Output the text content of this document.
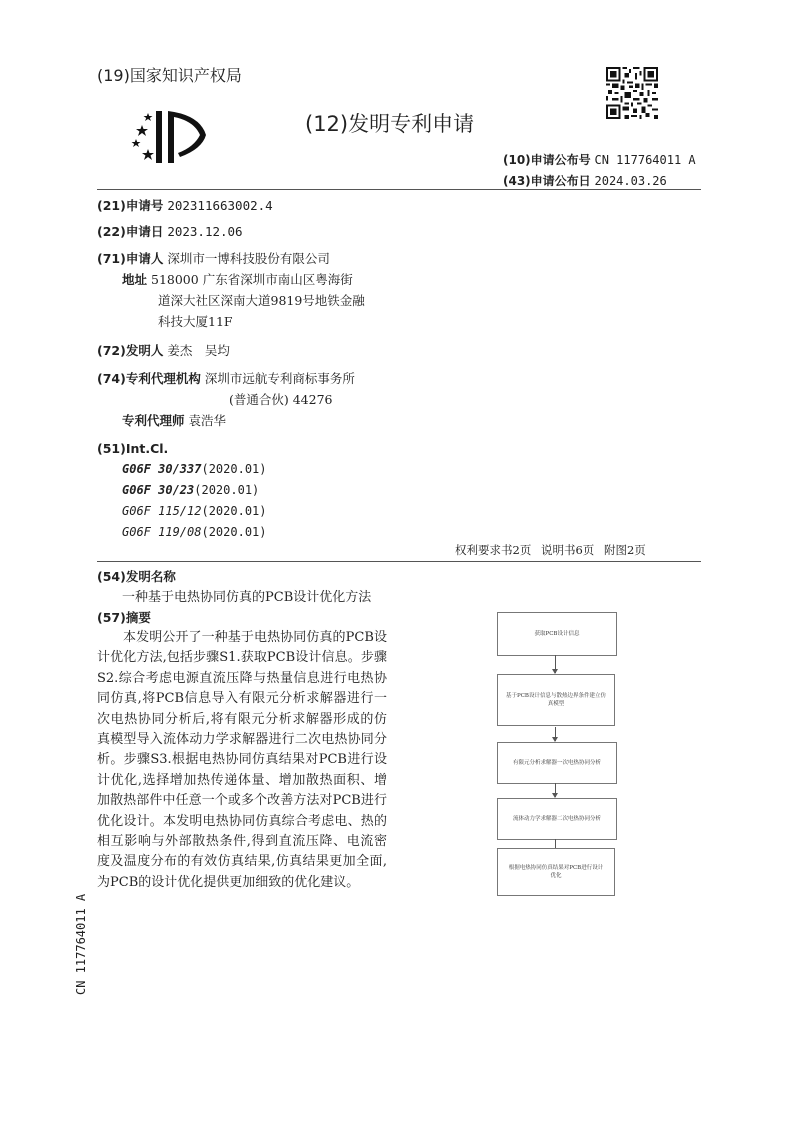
(19)国家知识产权局
(12)发明专利申请
(10)申请公布号 CN 117764011 A
(43)申请公布日 2024.03.26
(21)申请号 202311663002.4
(22)申请日 2023.12.06
(71)申请人 深圳市一博科技股份有限公司
地址 518000 广东省深圳市南山区粤海街
道深大社区深南大道9819号地铁金融
科技大厦11F
(72)发明人 姜杰　吴均
(74)专利代理机构 深圳市远航专利商标事务所
(普通合伙) 44276
专利代理师 袁浩华
(51)Int.Cl.
G06F 30/337(2020.01)
G06F 30/23(2020.01)
G06F 115/12(2020.01)
G06F 119/08(2020.01)
权利要求书2页 说明书6页 附图2页
(54)发明名称
一种基于电热协同仿真的PCB设计优化方法
(57)摘要
本发明公开了一种基于电热协同仿真的PCB设计优化方法,包括步骤S1.获取PCB设计信息。步骤S2.综合考虑电源直流压降与热量信息进行电热协同仿真,将PCB信息导入有限元分析求解器进行一次电热协同分析后,将有限元分析求解器形成的仿真模型导入流体动力学求解器进行二次电热协同分析。步骤S3.根据电热协同仿真结果对PCB进行设计优化,选择增加热传递体量、增加散热面积、增加散热部件中任意一个或多个改善方法对PCB进行优化设计。本发明电热协同仿真综合考虑电、热的相互影响与外部散热条件,得到直流压降、电流密度及温度分布的有效仿真结果,仿真结果更加全面,为PCB的设计优化提供更加细致的优化建议。
获取PCB设计信息
基于PCB设计信息与散热边界条件建立仿真模型
有限元分析求解器一次电热协同分析
流体动力学求解器二次电热协同分析
根据电热协同仿真结果对PCB进行设计优化
CN 117764011 A
